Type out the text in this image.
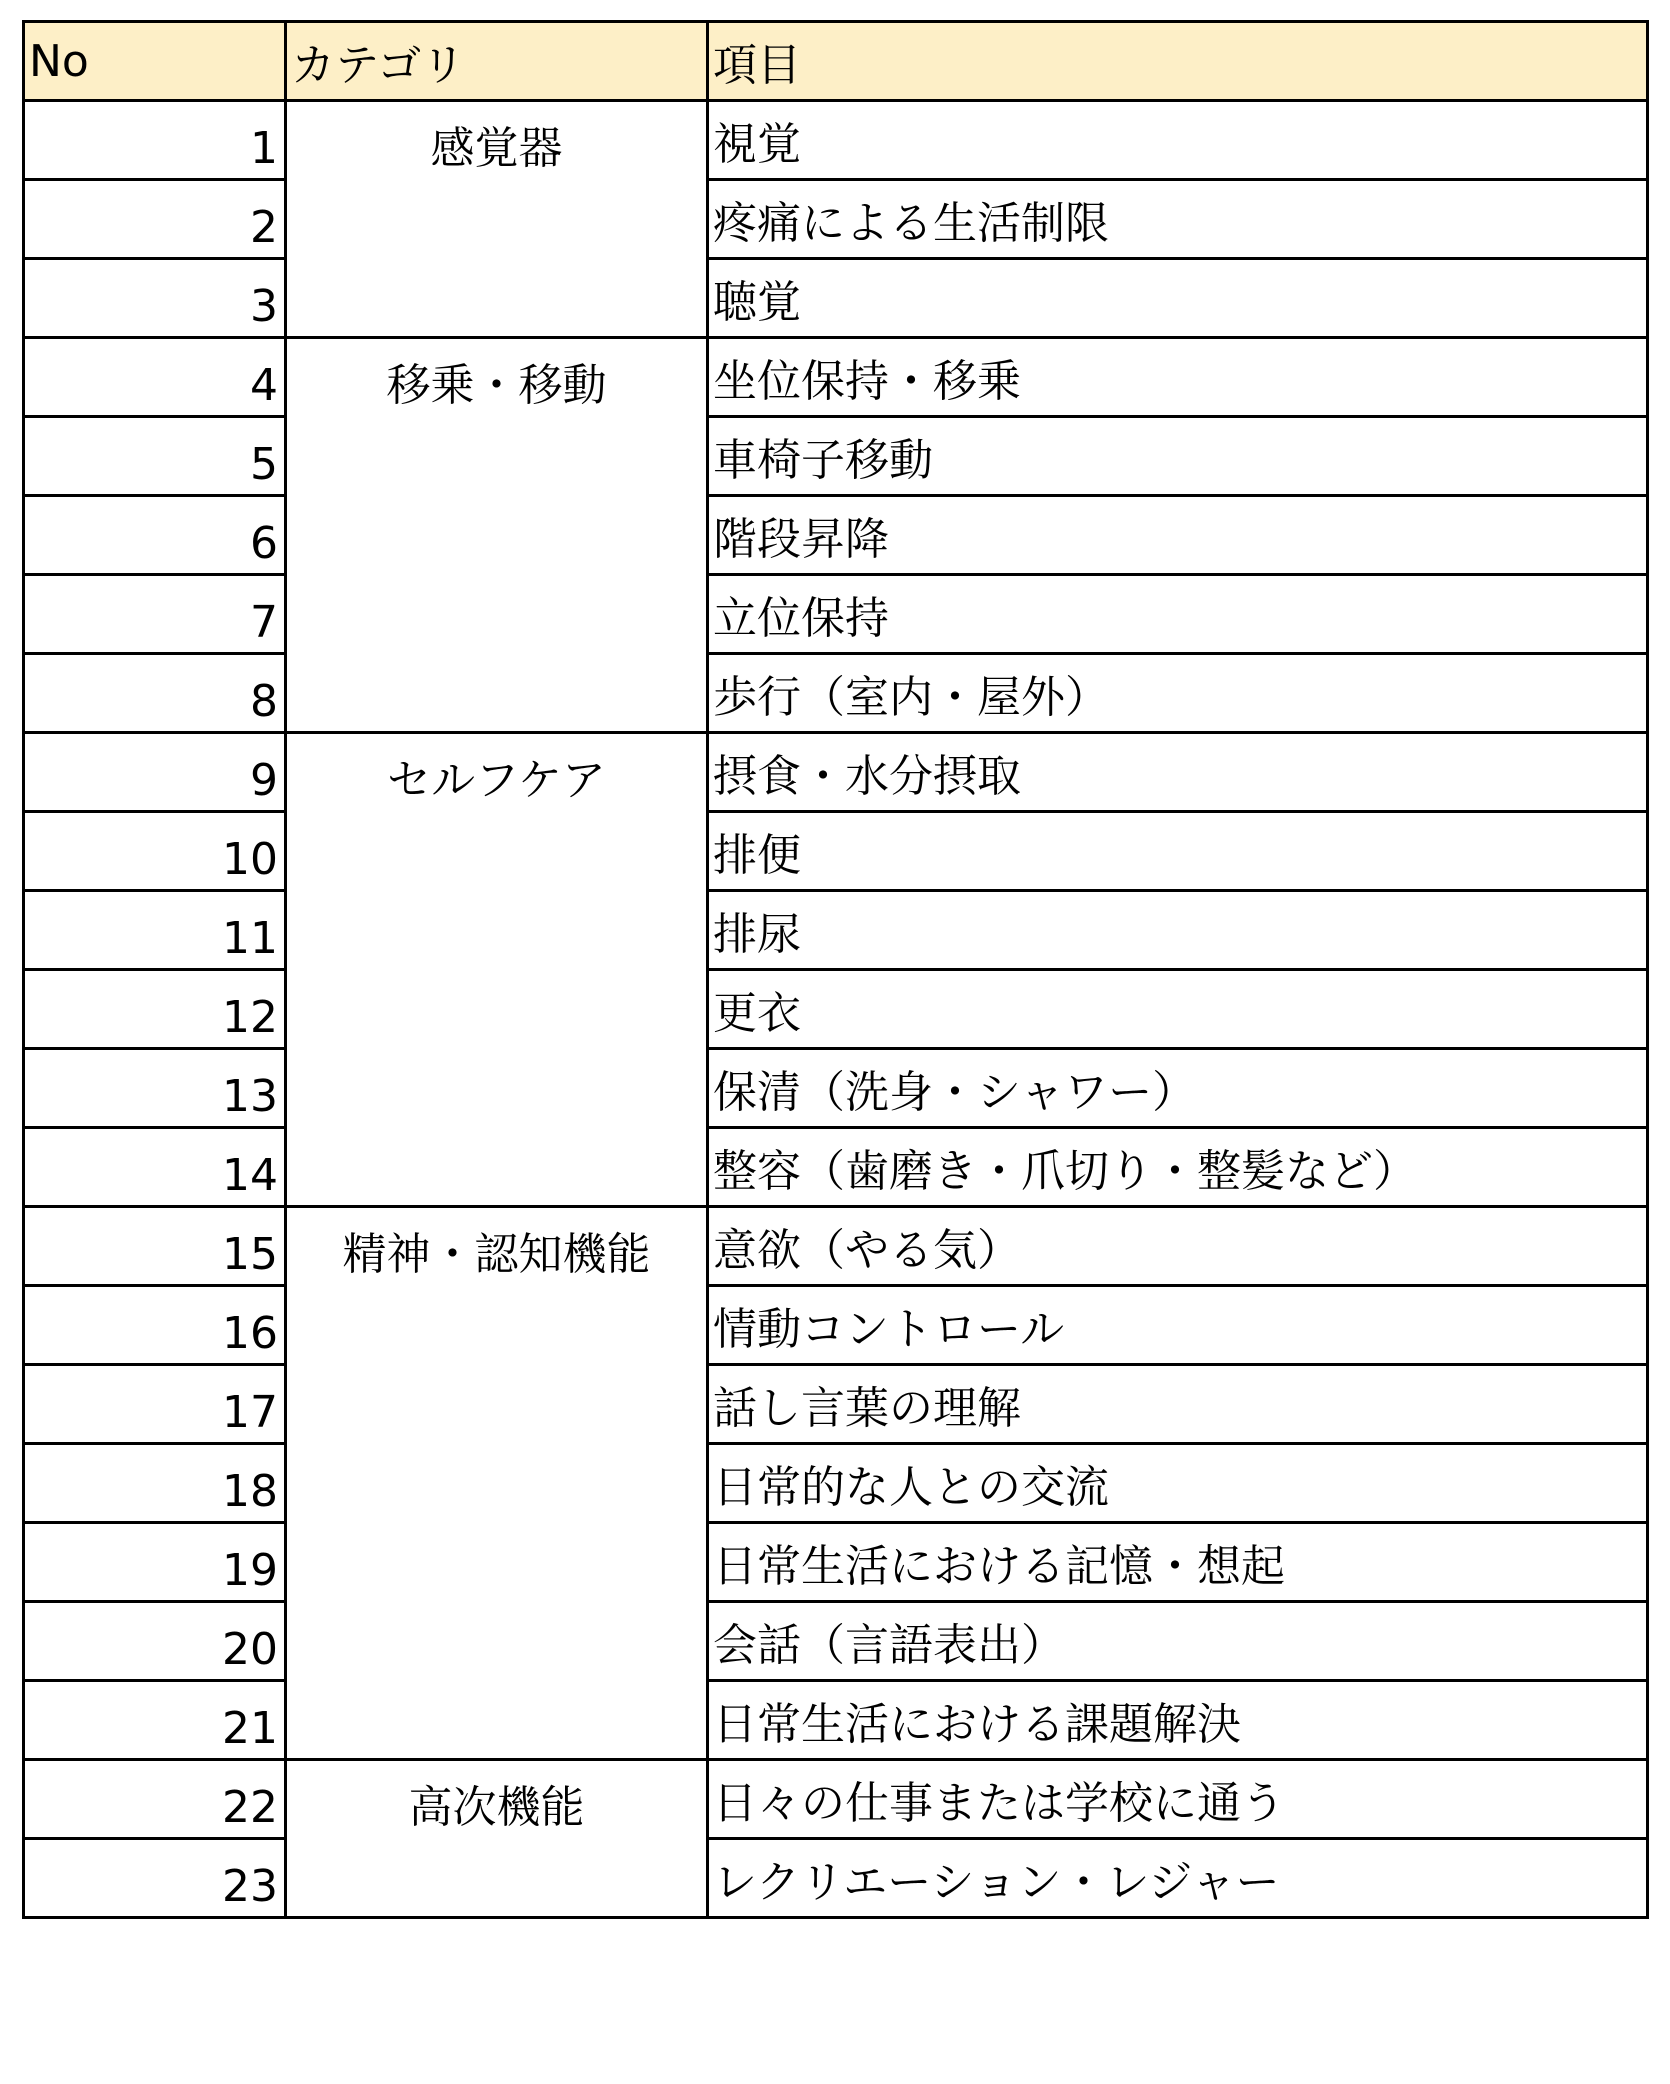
No	カテゴリ	項目
1	感覚器	視覚
2		疼痛による生活制限
3		聴覚
4	移乗・移動	坐位保持・移乗
5		車椅子移動
6		階段昇降
7		立位保持
8		歩行（室内・屋外）
9	セルフケア	摂食・水分摂取
10		排便
11		排尿
12		更衣
13		保清（洗身・シャワー）
14		整容（歯磨き・爪切り・整髪など）
15	精神・認知機能	意欲（やる気）
16		情動コントロール
17		話し言葉の理解
18		日常的な人との交流
19		日常生活における記憶・想起
20		会話（言語表出）
21		日常生活における課題解決
22	高次機能	日々の仕事または学校に通う
23		レクリエーション・レジャー
